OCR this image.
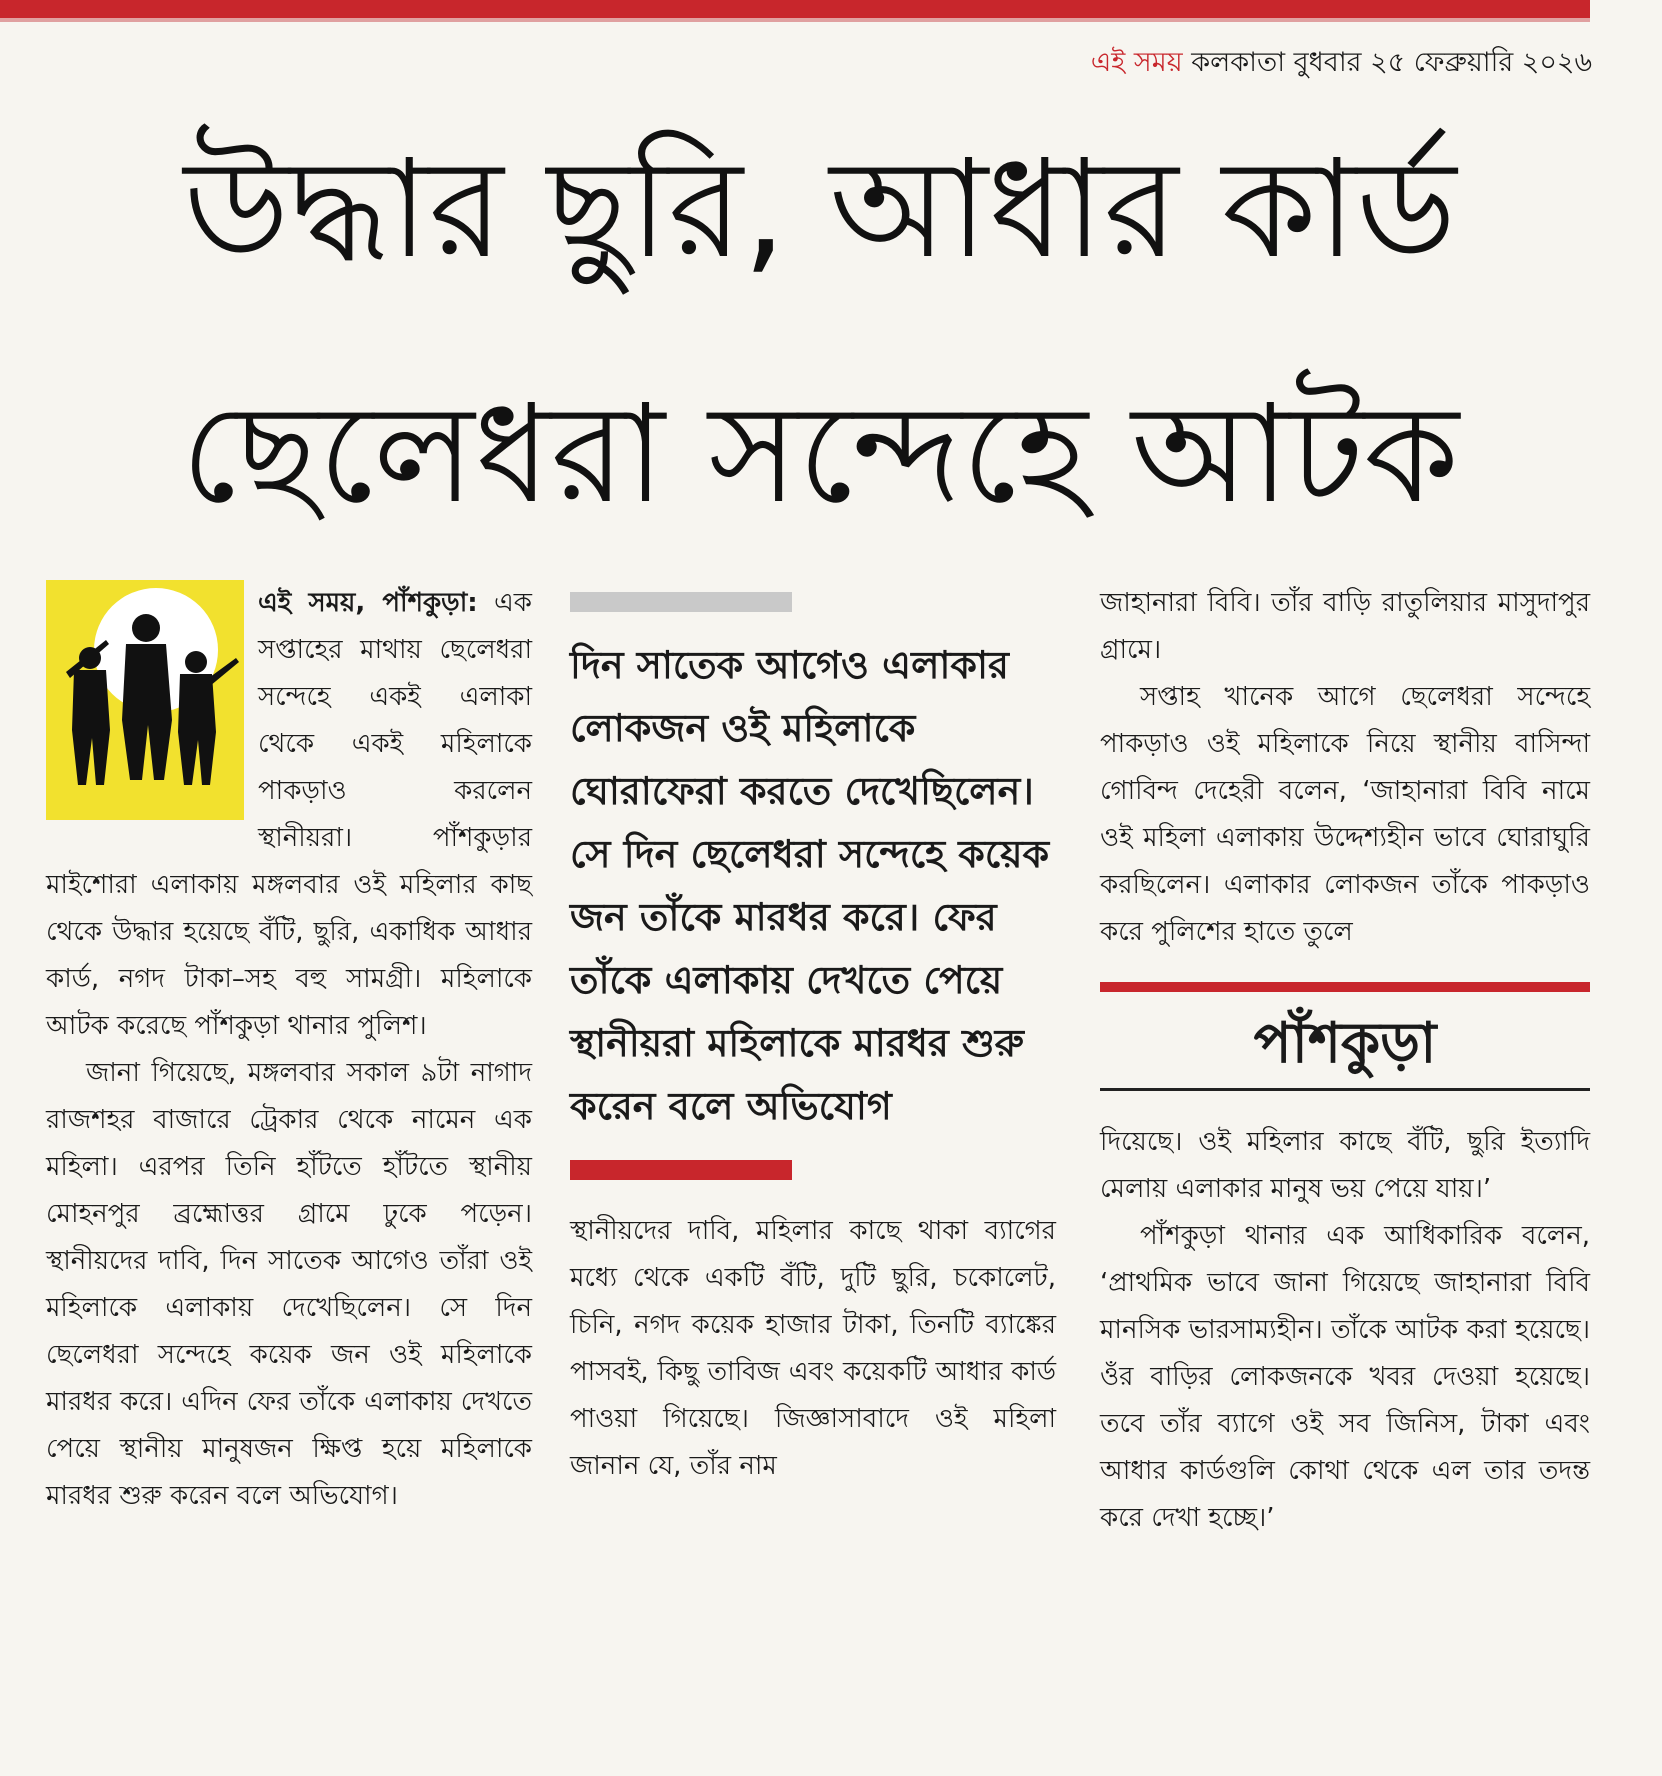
এই সময় কলকাতা বুধবার ২৫ ফেব্রুয়ারি ২০২৬
উদ্ধার ছুরি, আধার কার্ড
ছেলেধরা সন্দেহে আটক

এই সময়, পাঁশকুড়া: এক সপ্তাহের মাথায় ছেলেধরা সন্দেহে একই এলাকা থেকে একই মহিলাকে পাকড়াও করলেন স্থানীয়রা। পাঁশকুড়ার মাইশোরা এলাকায় মঙ্গলবার ওই মহিলার কাছ থেকে উদ্ধার হয়েছে বঁটি, ছুরি, একাধিক আধার কার্ড, নগদ টাকা–সহ বহু সামগ্রী। মহিলাকে আটক করেছে পাঁশকুড়া থানার পুলিশ।

জানা গিয়েছে, মঙ্গলবার সকাল ৯টা নাগাদ রাজশহর বাজারে ট্রেকার থেকে নামেন এক মহিলা। এরপর তিনি হাঁটতে হাঁটতে স্থানীয় মোহনপুর ব্রহ্মোত্তর গ্রামে ঢুকে পড়েন। স্থানীয়দের দাবি, দিন সাতেক আগেও তাঁরা ওই মহিলাকে এলাকায় দেখেছিলেন। সে দিন ছেলেধরা সন্দেহে কয়েক জন ওই মহিলাকে মারধর করে। এদিন ফের তাঁকে এলাকায় দেখতে পেয়ে স্থানীয় মানুষজন ক্ষিপ্ত হয়ে মহিলাকে মারধর শুরু করেন বলে অভিযোগ।

দিন সাতেক আগেও এলাকার লোকজন ওই মহিলাকে ঘোরাফেরা করতে দেখেছিলেন। সে দিন ছেলেধরা সন্দেহে কয়েক জন তাঁকে মারধর করে। ফের তাঁকে এলাকায় দেখতে পেয়ে স্থানীয়রা মহিলাকে মারধর শুরু করেন বলে অভিযোগ

স্থানীয়দের দাবি, মহিলার কাছে থাকা ব্যাগের মধ্যে থেকে একটি বঁটি, দুটি ছুরি, চকোলেট, চিনি, নগদ কয়েক হাজার টাকা, তিনটি ব্যাঙ্কের পাসবই, কিছু তাবিজ এবং কয়েকটি আধার কার্ড পাওয়া গিয়েছে। জিজ্ঞাসাবাদে ওই মহিলা জানান যে, তাঁর নাম

জাহানারা বিবি। তাঁর বাড়ি রাতুলিয়ার মাসুদাপুর গ্রামে।

সপ্তাহ খানেক আগে ছেলেধরা সন্দেহে পাকড়াও ওই মহিলাকে নিয়ে স্থানীয় বাসিন্দা গোবিন্দ দেহেরী বলেন, ‘জাহানারা বিবি নামে ওই মহিলা এলাকায় উদ্দেশ্যহীন ভাবে ঘোরাঘুরি করছিলেন। এলাকার লোকজন তাঁকে পাকড়াও করে পুলিশের হাতে তুলে

পাঁশকুড়া

দিয়েছে। ওই মহিলার কাছে বঁটি, ছুরি ইত্যাদি মেলায় এলাকার মানুষ ভয় পেয়ে যায়।’

পাঁশকুড়া থানার এক আধিকারিক বলেন, ‘প্রাথমিক ভাবে জানা গিয়েছে জাহানারা বিবি মানসিক ভারসাম্যহীন। তাঁকে আটক করা হয়েছে। ওঁর বাড়ির লোকজনকে খবর দেওয়া হয়েছে। তবে তাঁর ব্যাগে ওই সব জিনিস, টাকা এবং আধার কার্ডগুলি কোথা থেকে এল তার তদন্ত করে দেখা হচ্ছে।’
